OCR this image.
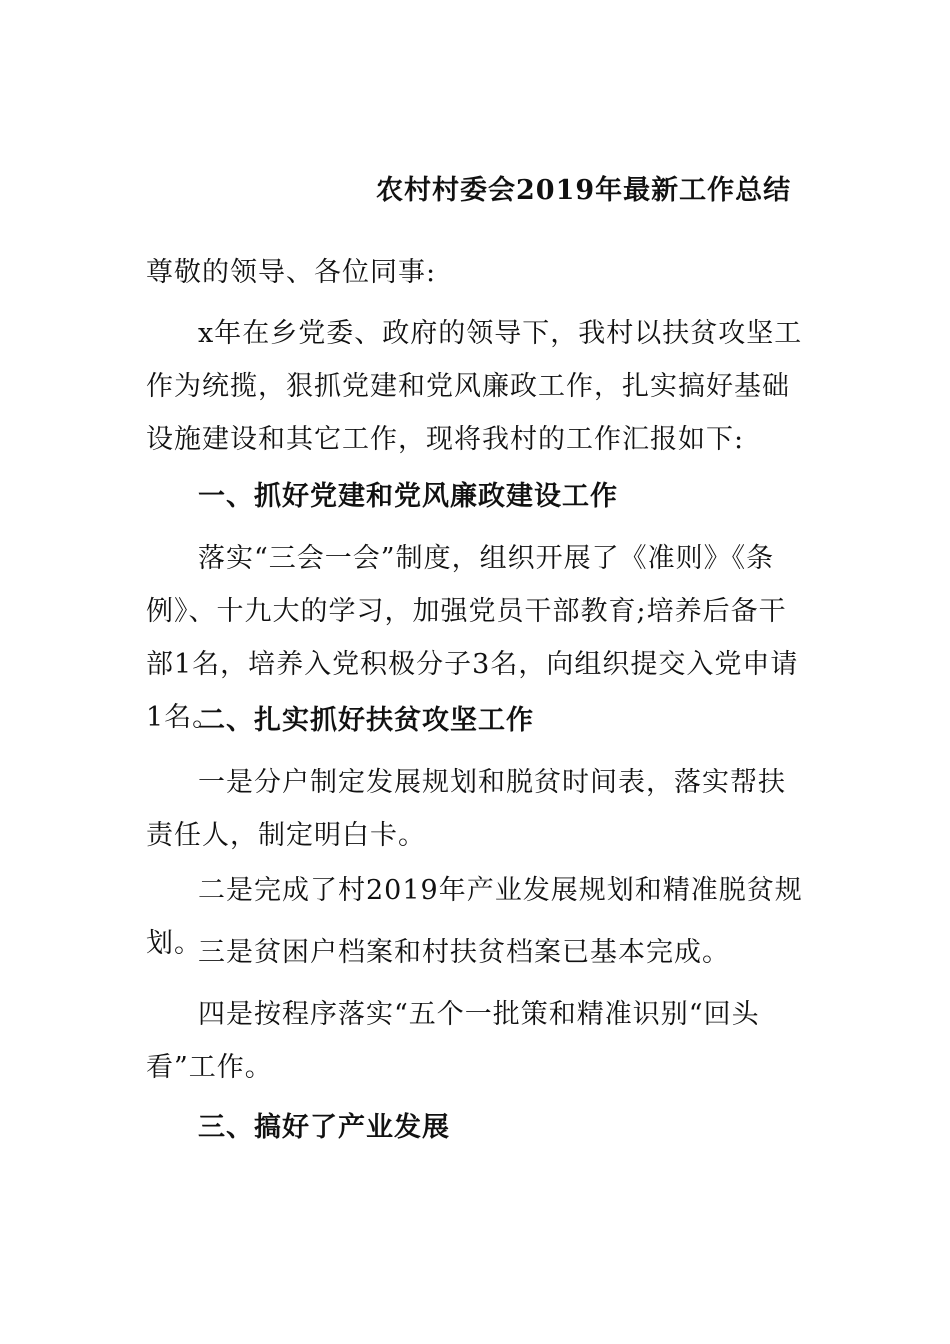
农村村委会2019年最新工作总结

尊敬的领导、各位同事:

x年在乡党委、政府的领导下，我村以扶贫攻坚工作为统揽，狠抓党建和党风廉政工作，扎实搞好基础设施建设和其它工作，现将我村的工作汇报如下:

一、抓好党建和党风廉政建设工作

落实“三会一会”制度，组织开展了《准则》《条例》、十九大的学习，加强党员干部教育;培养后备干部1名，培养入党积极分子3名，向组织提交入党申请1名。

二、扎实抓好扶贫攻坚工作

一是分户制定发展规划和脱贫时间表，落实帮扶责任人，制定明白卡。

二是完成了村2019年产业发展规划和精准脱贫规划。

三是贫困户档案和村扶贫档案已基本完成。

四是按程序落实“五个一批策和精准识别“回头看”工作。

三、搞好了产业发展
